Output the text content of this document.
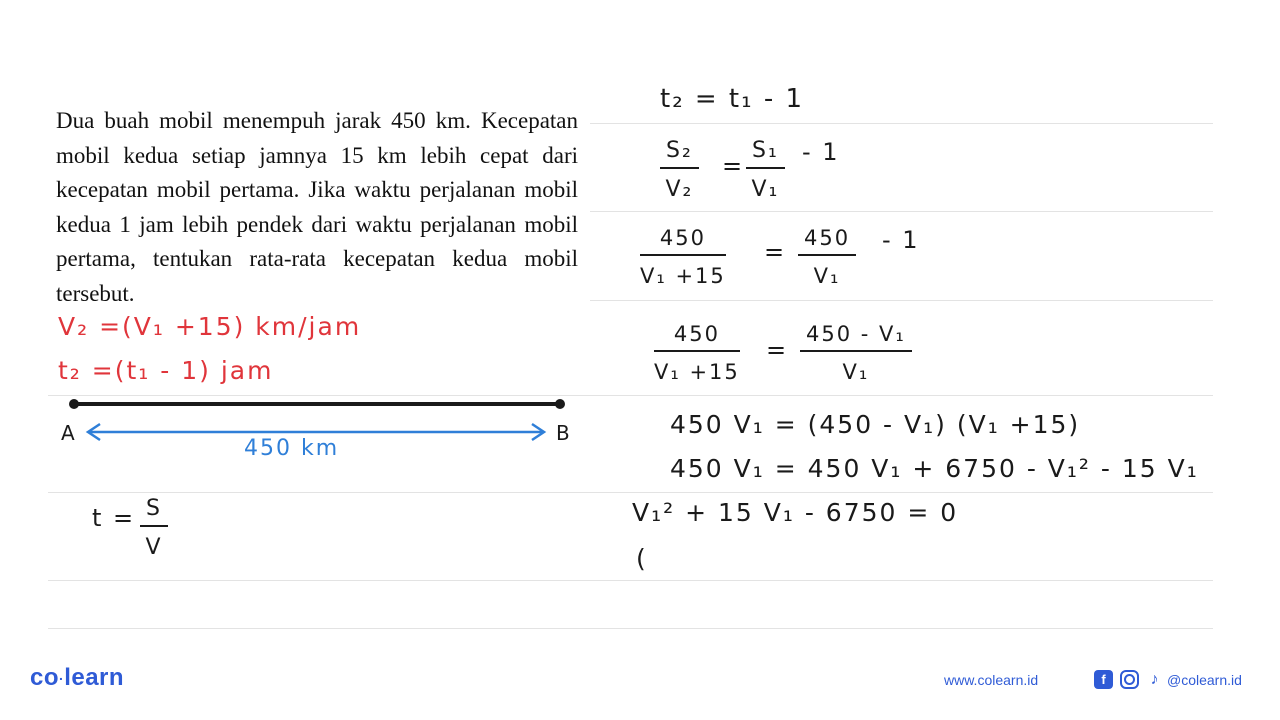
Dua buah mobil menempuh jarak 450 km. Kecepatan mobil kedua setiap jamnya 15 km lebih cepat dari kecepatan mobil pertama. Jika waktu perjalanan mobil kedua 1 jam lebih pendek dari waktu perjalanan mobil pertama, tentukan rata-rata kecepatan kedua mobil tersebut.

V₂ =(V₁ +15) km/jam
t₂ =(t₁ - 1) jam
A	B
450 km
$t = \frac{S}{V}$
t₂ = t₁ - 1
$\frac{\text{S₂}}{\text{V₂}} = \frac{\text{S₁}}{\text{V₁}} - 1$
$\frac{450}{\text{V₁ +15}} = \frac{450}{\text{V₁}} - 1$
$\frac{450}{\text{V₁ +15}} = \frac{\text{450 - V₁}}{\text{V₁}}$
450 V₁ = (450 - V₁) (V₁ +15)
450 V₁ = 450 V₁ + 6750 - V₁² - 15 V₁
V₁² + 15 V₁ - 6750 = 0
(
co·learn	www.colearn.id	f	♪ @colearn.id
